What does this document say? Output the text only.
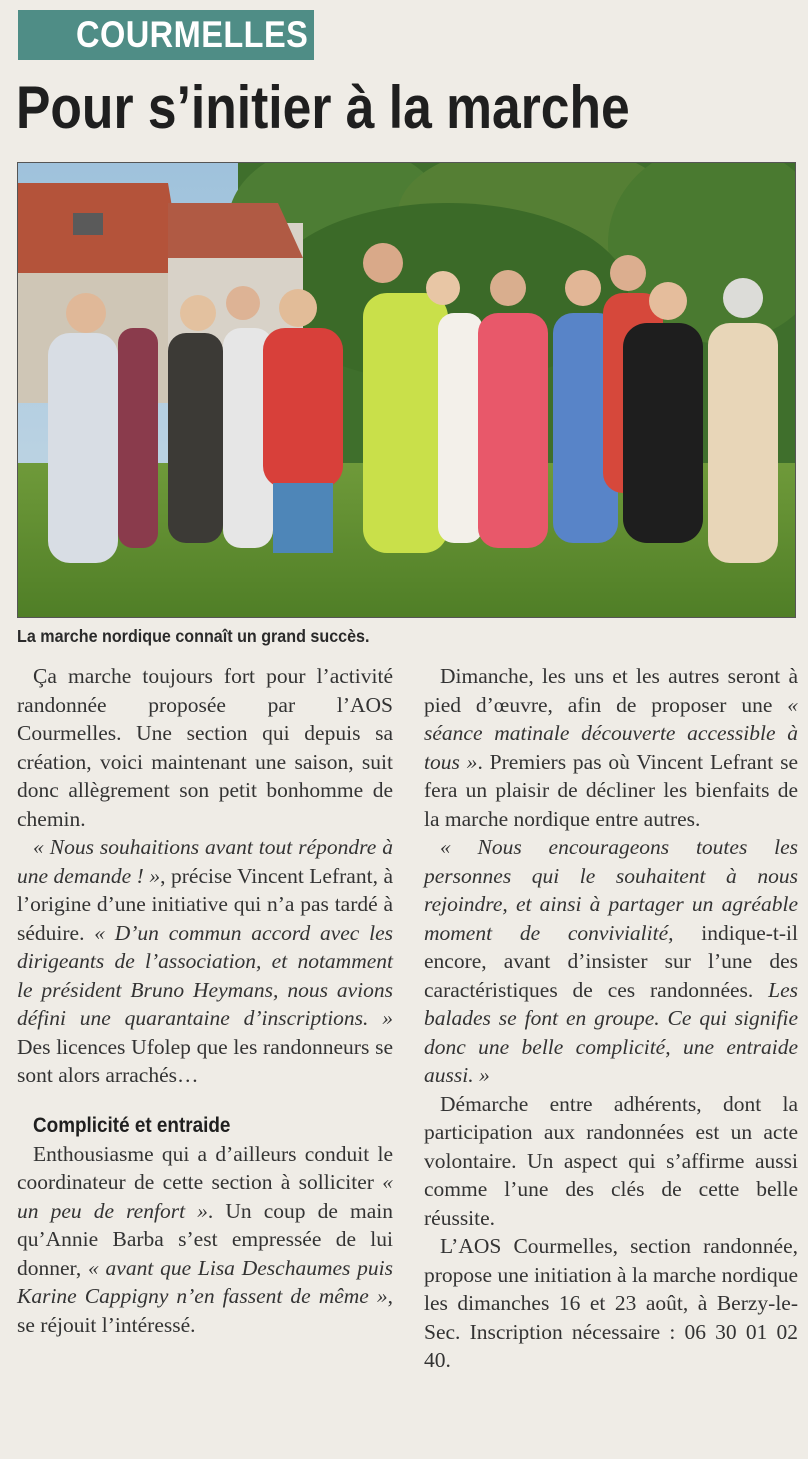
COURMELLES
Pour s’initier à la marche

La marche nordique connaît un grand succès.

Ça marche toujours fort pour l’activité randonnée proposée par l’AOS Courmelles. Une section qui depuis sa création, voici maintenant une saison, suit donc allègrement son petit bonhomme de chemin.

« Nous souhaitions avant tout répondre à une demande ! », précise Vincent Lefrant, à l’origine d’une initiative qui n’a pas tardé à séduire. « D’un commun accord avec les dirigeants de l’association, et notamment le président Bruno Heymans, nous avions défini une quarantaine d’inscriptions. » Des licences Ufolep que les randonneurs se sont alors arrachés…

Complicité et entraide

Enthousiasme qui a d’ailleurs conduit le coordinateur de cette section à solliciter « un peu de renfort ». Un coup de main qu’Annie Barba s’est empressée de lui donner, « avant que Lisa Deschaumes puis Karine Cappigny n’en fassent de même », se réjouit l’intéressé.

Dimanche, les uns et les autres seront à pied d’œuvre, afin de proposer une « séance matinale découverte accessible à tous ». Premiers pas où Vincent Lefrant se fera un plaisir de décliner les bienfaits de la marche nordique entre autres.

« Nous encourageons toutes les personnes qui le souhaitent à nous rejoindre, et ainsi à partager un agréable moment de convivialité, indique-t-il encore, avant d’insister sur l’une des caractéristiques de ces randonnées. Les balades se font en groupe. Ce qui signifie donc une belle complicité, une entraide aussi. »

Démarche entre adhérents, dont la participation aux randonnées est un acte volontaire. Un aspect qui s’affirme aussi comme l’une des clés de cette belle réussite.

L’AOS Courmelles, section randonnée, propose une initiation à la marche nordique les dimanches 16 et 23 août, à Berzy-le-Sec. Inscription nécessaire : 06 30 01 02 40.
